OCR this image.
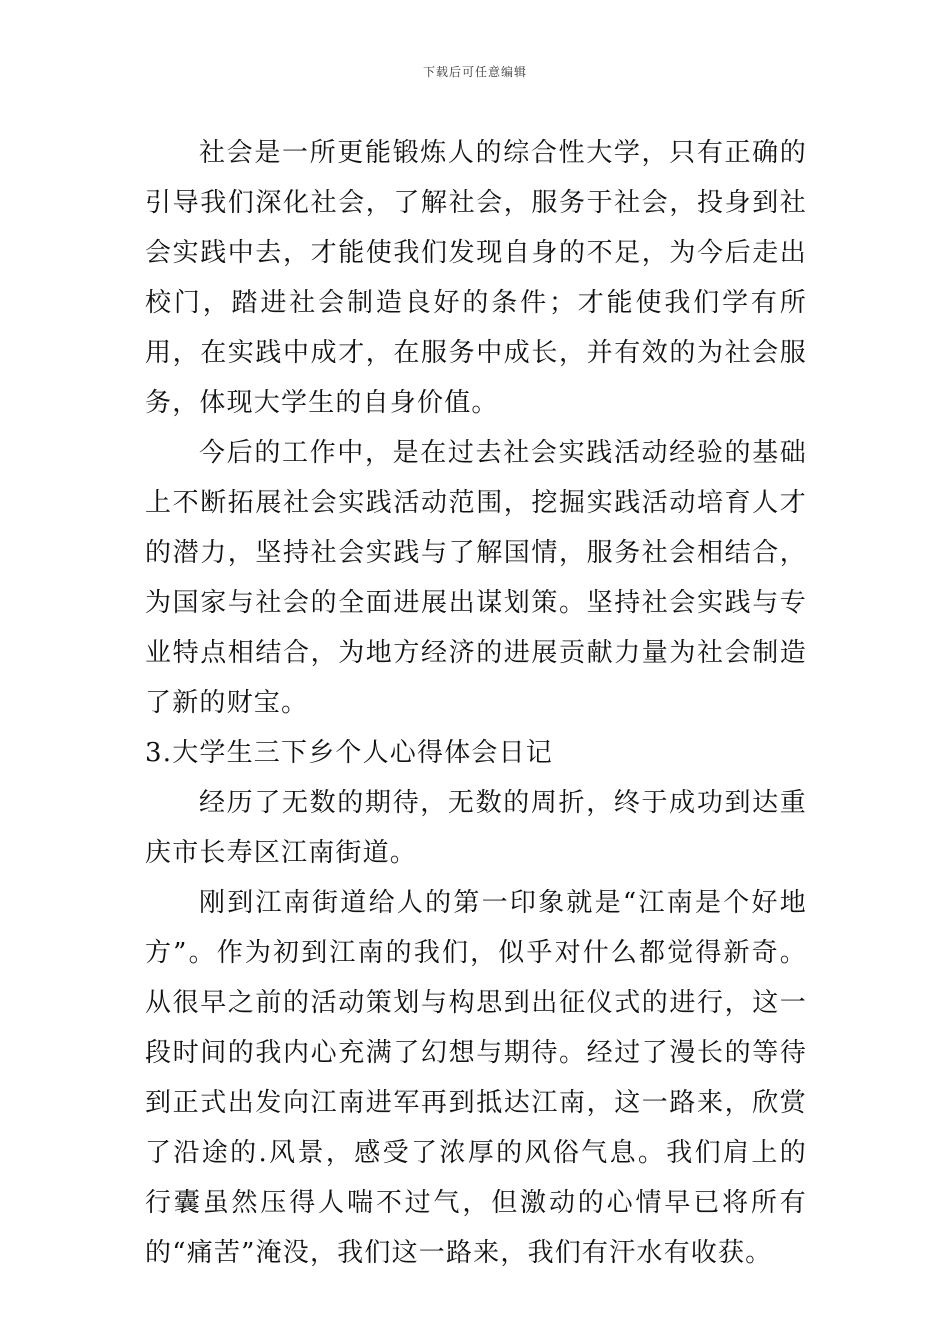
下载后可任意编辑

社会是一所更能锻炼人的综合性大学，只有正确的引导我们深化社会，了解社会，服务于社会，投身到社会实践中去，才能使我们发现自身的不足，为今后走出校门，踏进社会制造良好的条件；才能使我们学有所用，在实践中成才，在服务中成长，并有效的为社会服务，体现大学生的自身价值。

今后的工作中，是在过去社会实践活动经验的基础上不断拓展社会实践活动范围，挖掘实践活动培育人才的潜力，坚持社会实践与了解国情，服务社会相结合，为国家与社会的全面进展出谋划策。坚持社会实践与专业特点相结合，为地方经济的进展贡献力量为社会制造了新的财宝。

3.大学生三下乡个人心得体会日记

经历了无数的期待，无数的周折，终于成功到达重庆市长寿区江南街道。

刚到江南街道给人的第一印象就是“江南是个好地方”。作为初到江南的我们，似乎对什么都觉得新奇。从很早之前的活动策划与构思到出征仪式的进行，这一段时间的我内心充满了幻想与期待。经过了漫长的等待到正式出发向江南进军再到抵达江南，这一路来，欣赏了沿途的.风景，感受了浓厚的风俗气息。我们肩上的行囊虽然压得人喘不过气，但激动的心情早已将所有的“痛苦”淹没，我们这一路来，我们有汗水有收获。
